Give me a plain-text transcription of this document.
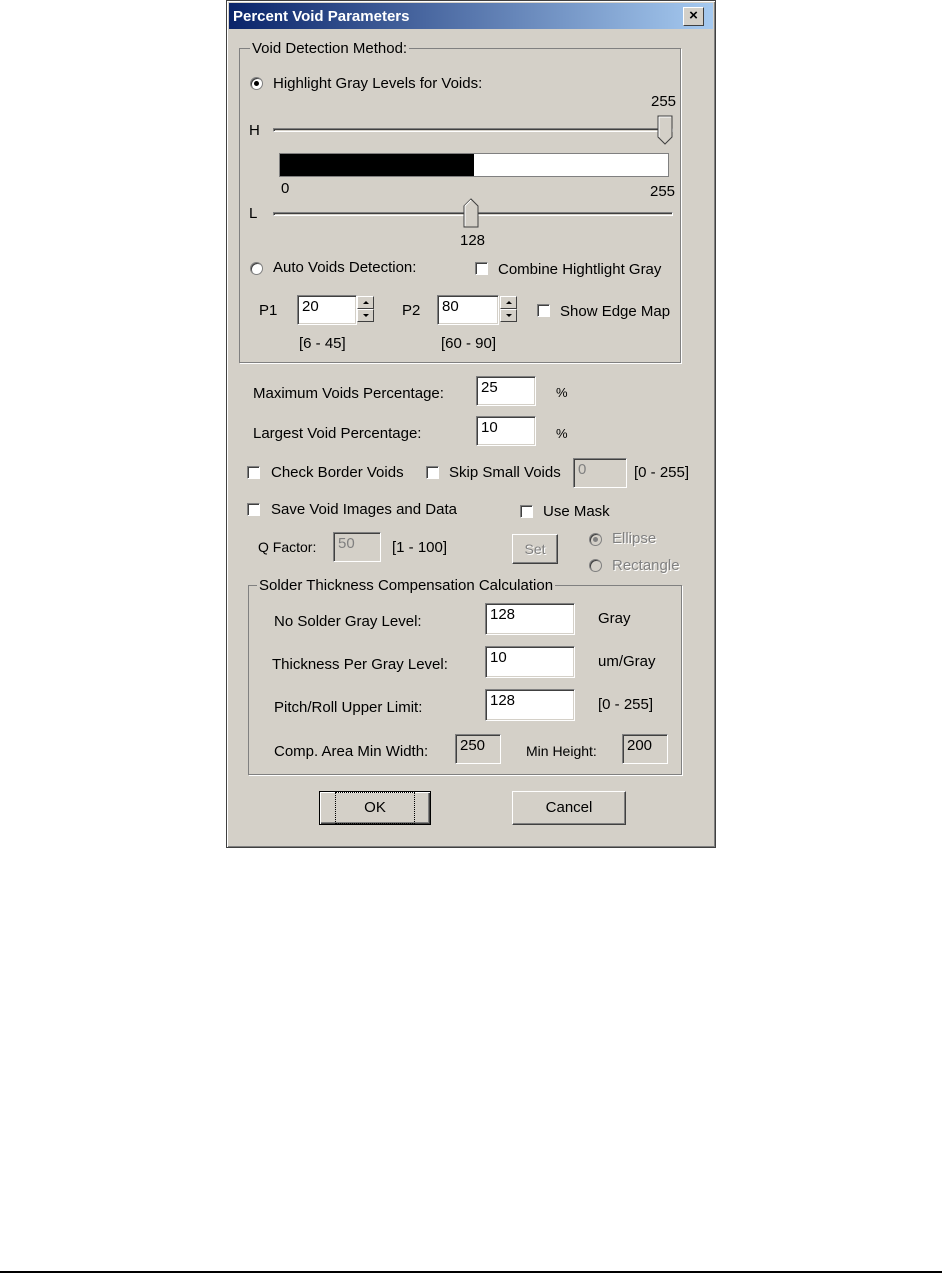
Percent Void Parameters	×
Void Detection Method:
Highlight Gray Levels for Voids:
255
H
0	255
L
128
Auto Voids Detection:	Combine Hightlight Gray
P1	20
[6 - 45]
P2	80
[60 - 90]
Show Edge Map
Maximum Voids Percentage:	25	%
Largest Void Percentage:	10	%
Check Border Voids	Skip Small Voids	0	[0 - 255]
Save Void Images and Data	Use Mask
Q Factor:	50	[1 - 100]	Set
Ellipse
Rectangle
Solder Thickness Compensation Calculation
No Solder Gray Level:	128	Gray
Thickness Per Gray Level:	10	um/Gray
Pitch/Roll Upper Limit:	128	[0 - 255]
Comp. Area Min Width:	250	Min Height:	200
OK	Cancel
